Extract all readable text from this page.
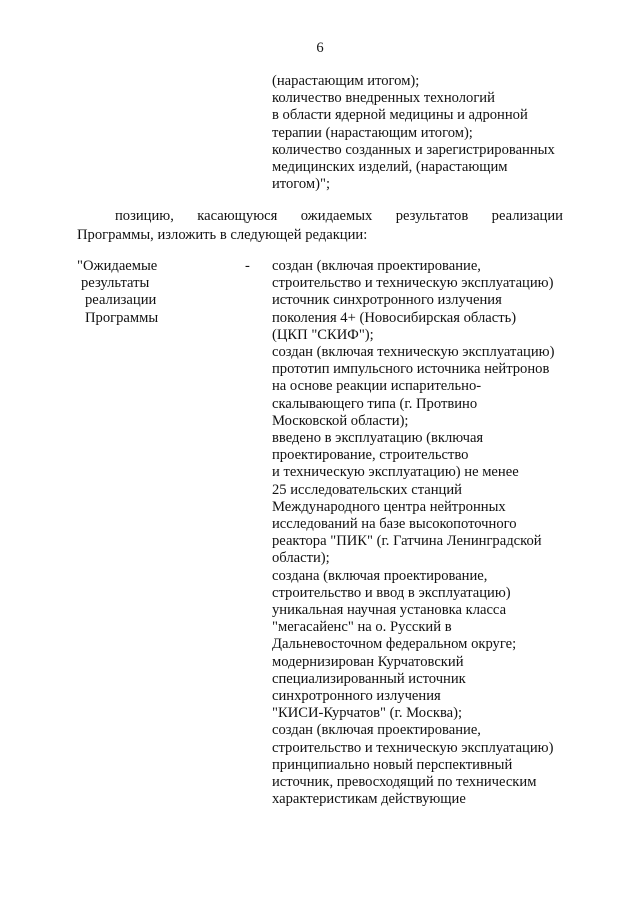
6
(нарастающим итогом);
количество внедренных технологий
в области ядерной медицины и адронной
терапии (нарастающим итогом);
количество созданных и зарегистрированных
медицинских изделий, (нарастающим
итогом)";
позицию, касающуюся ожидаемых результатов реализации
Программы, изложить в следующей редакции:
"Ожидаемые
результаты
реализации
Программы
- создан (включая проектирование,
строительство и техническую эксплуатацию)
источник синхротронного излучения
поколения 4+ (Новосибирская область)
(ЦКП "СКИФ");
создан (включая техническую эксплуатацию)
прототип импульсного источника нейтронов
на основе реакции испарительно-
скалывающего типа (г. Протвино
Московской области);
введено в эксплуатацию (включая
проектирование, строительство
и техническую эксплуатацию) не менее
25 исследовательских станций
Международного центра нейтронных
исследований на базе высокопоточного
реактора "ПИК" (г. Гатчина Ленинградской
области);
создана (включая проектирование,
строительство и ввод в эксплуатацию)
уникальная научная установка класса
"мегасайенс" на о. Русский в
Дальневосточном федеральном округе;
модернизирован Курчатовский
специализированный источник
синхротронного излучения
"КИСИ-Курчатов" (г. Москва);
создан (включая проектирование,
строительство и техническую эксплуатацию)
принципиально новый перспективный
источник, превосходящий по техническим
характеристикам действующие
